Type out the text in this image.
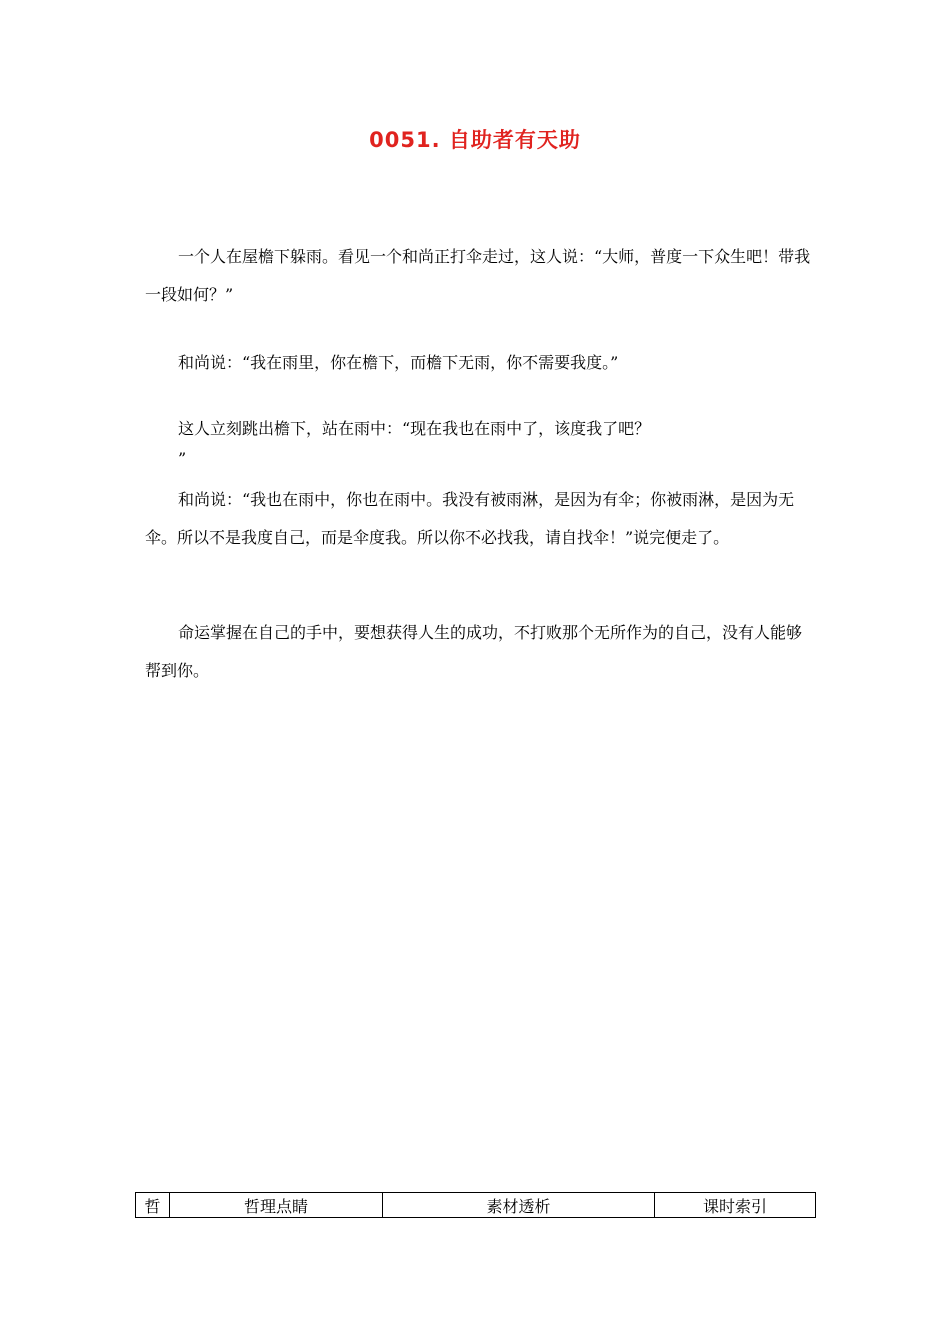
0051. 自助者有天助
一个人在屋檐下躲雨。看见一个和尚正打伞走过，这人说：“大师，普度一下众生吧！带我一段如何？”
和尚说：“我在雨里，你在檐下，而檐下无雨，你不需要我度。”
这人立刻跳出檐下，站在雨中：“现在我也在雨中了，该度我了吧？
”
和尚说：“我也在雨中，你也在雨中。我没有被雨淋，是因为有伞；你被雨淋，是因为无伞。所以不是我度自己，而是伞度我。所以你不必找我，请自找伞！”说完便走了。
命运掌握在自己的手中，要想获得人生的成功，不打败那个无所作为的自己，没有人能够帮到你。
哲	哲理点睛	素材透析	课时索引
